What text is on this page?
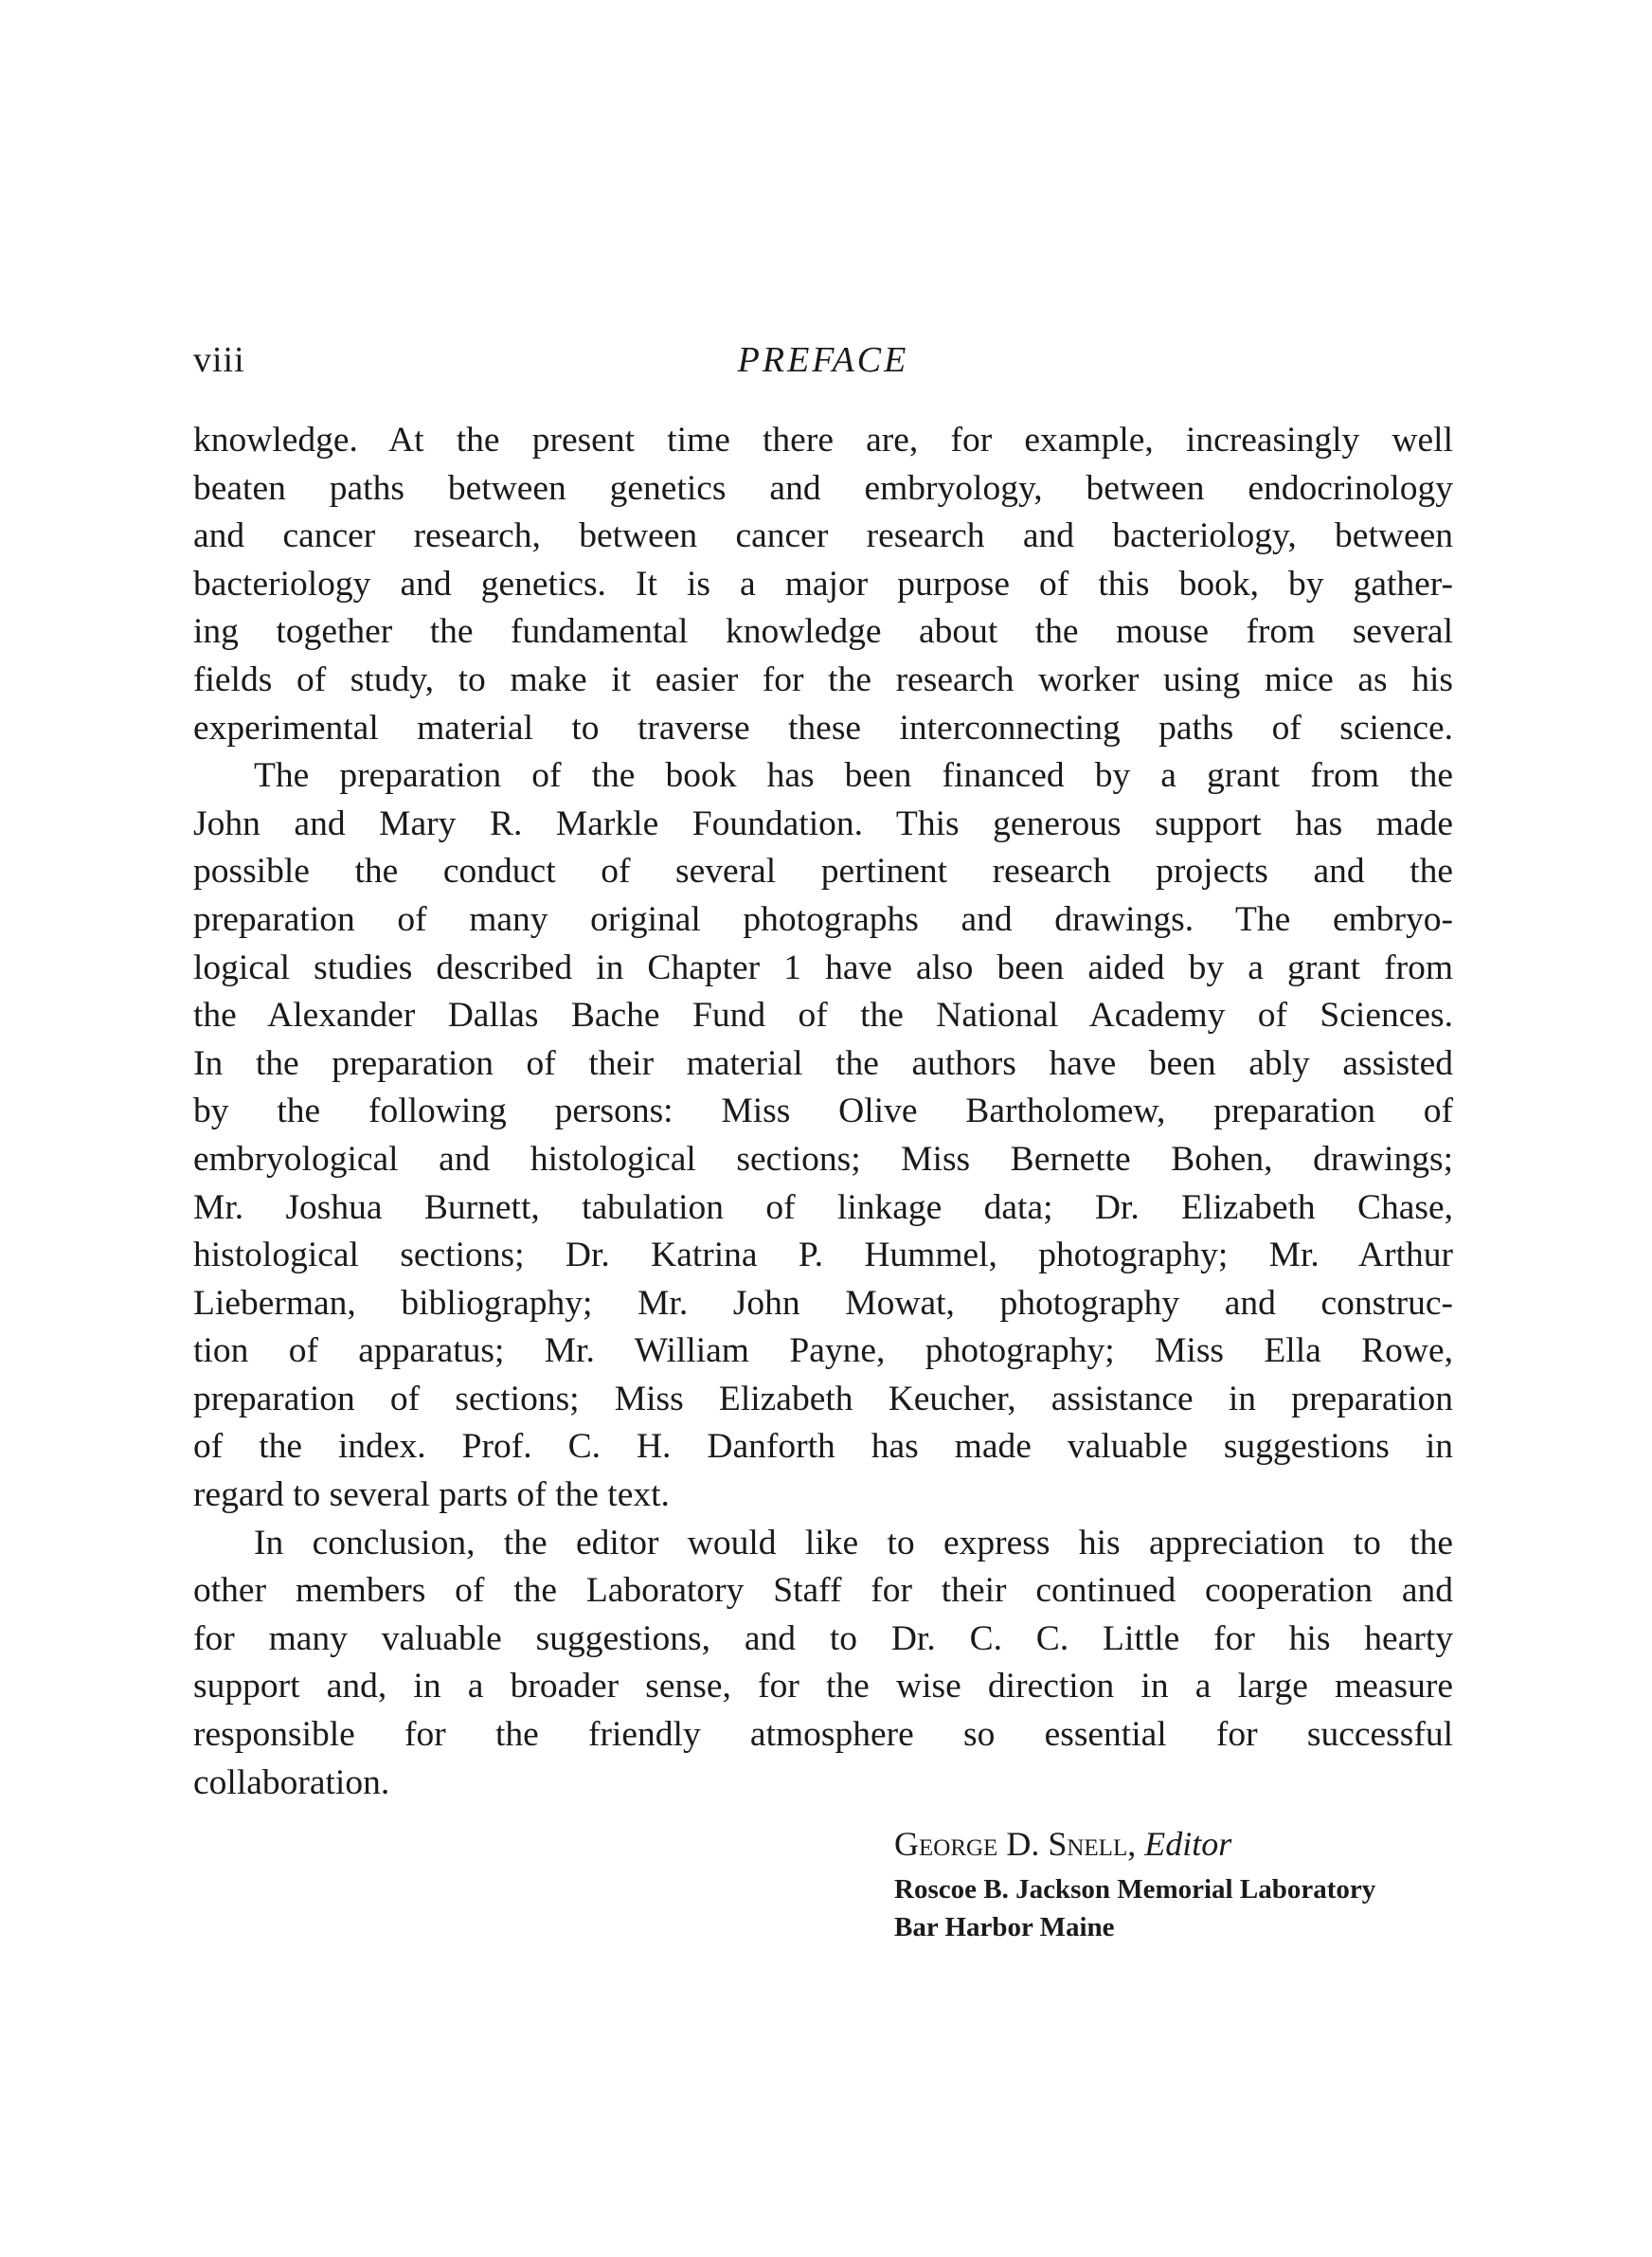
viii	PREFACE
knowledge. At the present time there are, for example, increasingly well
beaten paths between genetics and embryology, between endocrinology
and cancer research, between cancer research and bacteriology, between
bacteriology and genetics. It is a major purpose of this book, by gather-
ing together the fundamental knowledge about the mouse from several
fields of study, to make it easier for the research worker using mice as his
experimental material to traverse these interconnecting paths of science.
The preparation of the book has been financed by a grant from the
John and Mary R. Markle Foundation. This generous support has made
possible the conduct of several pertinent research projects and the
preparation of many original photographs and drawings. The embryo-
logical studies described in Chapter 1 have also been aided by a grant from
the Alexander Dallas Bache Fund of the National Academy of Sciences.
In the preparation of their material the authors have been ably assisted
by the following persons: Miss Olive Bartholomew, preparation of
embryological and histological sections; Miss Bernette Bohen, drawings;
Mr. Joshua Burnett, tabulation of linkage data; Dr. Elizabeth Chase,
histological sections; Dr. Katrina P. Hummel, photography; Mr. Arthur
Lieberman, bibliography; Mr. John Mowat, photography and construc-
tion of apparatus; Mr. William Payne, photography; Miss Ella Rowe,
preparation of sections; Miss Elizabeth Keucher, assistance in preparation
of the index. Prof. C. H. Danforth has made valuable suggestions in
regard to several parts of the text.
In conclusion, the editor would like to express his appreciation to the
other members of the Laboratory Staff for their continued cooperation and
for many valuable suggestions, and to Dr. C. C. Little for his hearty
support and, in a broader sense, for the wise direction in a large measure
responsible for the friendly atmosphere so essential for successful
collaboration.
George D. Snell, Editor
Roscoe B. Jackson Memorial Laboratory
Bar Harbor Maine
